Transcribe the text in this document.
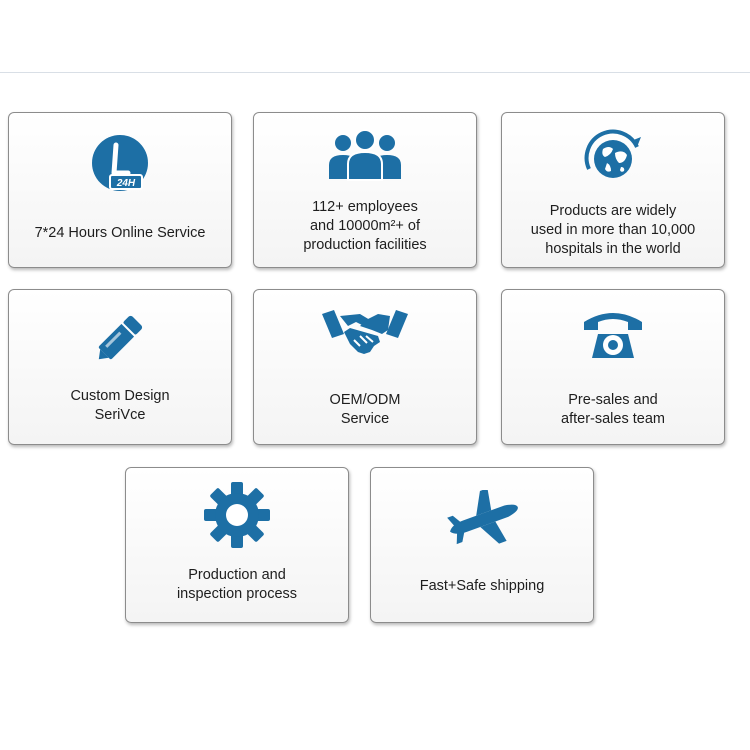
24H
7*24 Hours Online Service
112+ employees
and 10000m²+ of
production facilities
Products are widely
used in more than 10,000
hospitals in the world
Custom Design
SeriVce
OEM/ODM
Service
Pre-sales and
after-sales team
Production and
inspection process	Fast+Safe shipping
